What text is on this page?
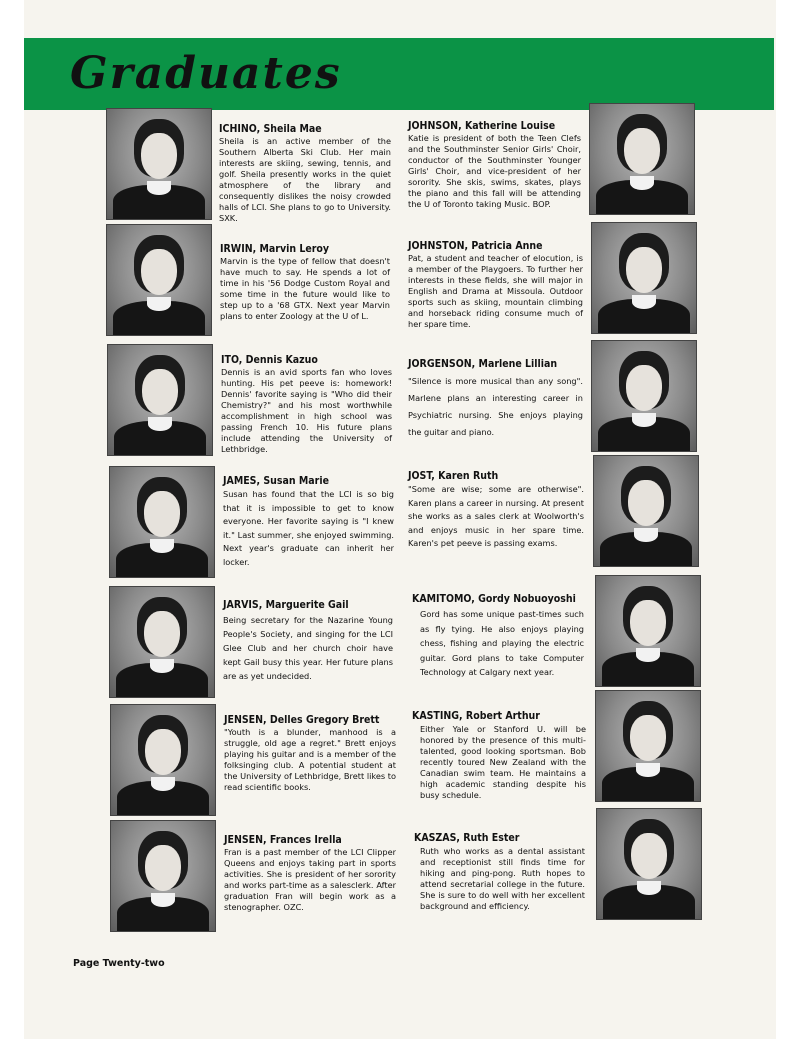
Graduates
ICHINO, Sheila Mae
Sheila is an active member of the Southern Alberta Ski Club. Her main interests are skiing, sewing, tennis, and golf. Sheila presently works in the quiet atmosphere of the library and consequently dislikes the noisy crowded halls of LCI. She plans to go to University. SXK.
IRWIN, Marvin Leroy
Marvin is the type of fellow that doesn't have much to say. He spends a lot of time in his '56 Dodge Custom Royal and some time in the future would like to step up to a '68 GTX. Next year Marvin plans to enter Zoology at the U of L.
ITO, Dennis Kazuo
Dennis is an avid sports fan who loves hunting. His pet peeve is: homework! Dennis' favorite saying is "Who did their Chemistry?" and his most worthwhile accomplishment in high school was passing French 10. His future plans include attending the University of Lethbridge.
JAMES, Susan Marie
Susan has found that the LCI is so big that it is impossible to get to know everyone. Her favorite saying is "I knew it." Last summer, she enjoyed swimming. Next year's graduate can inherit her locker.
JARVIS, Marguerite Gail
Being secretary for the Nazarine Young People's Society, and singing for the LCI Glee Club and her church choir have kept Gail busy this year. Her future plans are as yet undecided.
JENSEN, Delles Gregory Brett
"Youth is a blunder, manhood is a struggle, old age a regret." Brett enjoys playing his guitar and is a member of the folksinging club. A potential student at the University of Lethbridge, Brett likes to read scientific books.
JENSEN, Frances Irella
Fran is a past member of the LCI Clipper Queens and enjoys taking part in sports activities. She is president of her sorority and works part-time as a salesclerk. After graduation Fran will begin work as a stenographer. OZC.
JOHNSON, Katherine Louise
Katie is president of both the Teen Clefs and the Southminster Senior Girls' Choir, conductor of the Southminster Younger Girls' Choir, and vice-president of her sorority. She skis, swims, skates, plays the piano and this fall will be attending the U of Toronto taking Music. BOP.
JOHNSTON, Patricia Anne
Pat, a student and teacher of elocution, is a member of the Playgoers. To further her interests in these fields, she will major in English and Drama at Missoula. Outdoor sports such as skiing, mountain climbing and horseback riding consume much of her spare time.
JORGENSON, Marlene Lillian
"Silence is more musical than any song". Marlene plans an interesting career in Psychiatric nursing. She enjoys playing the guitar and piano.
JOST, Karen Ruth
"Some are wise; some are otherwise". Karen plans a career in nursing. At present she works as a sales clerk at Woolworth's and enjoys music in her spare time. Karen's pet peeve is passing exams.
KAMITOMO, Gordy Nobuoyoshi
Gord has some unique past-times such as fly tying. He also enjoys playing chess, fishing and playing the electric guitar. Gord plans to take Computer Technology at Calgary next year.
KASTING, Robert Arthur
Either Yale or Stanford U. will be honored by the presence of this multi-talented, good looking sportsman. Bob recently toured New Zealand with the Canadian swim team. He maintains a high academic standing despite his busy schedule.
KASZAS, Ruth Ester
Ruth who works as a dental assistant and receptionist still finds time for hiking and ping-pong. Ruth hopes to attend secretarial college in the future. She is sure to do well with her excellent background and efficiency.
Page Twenty-two
